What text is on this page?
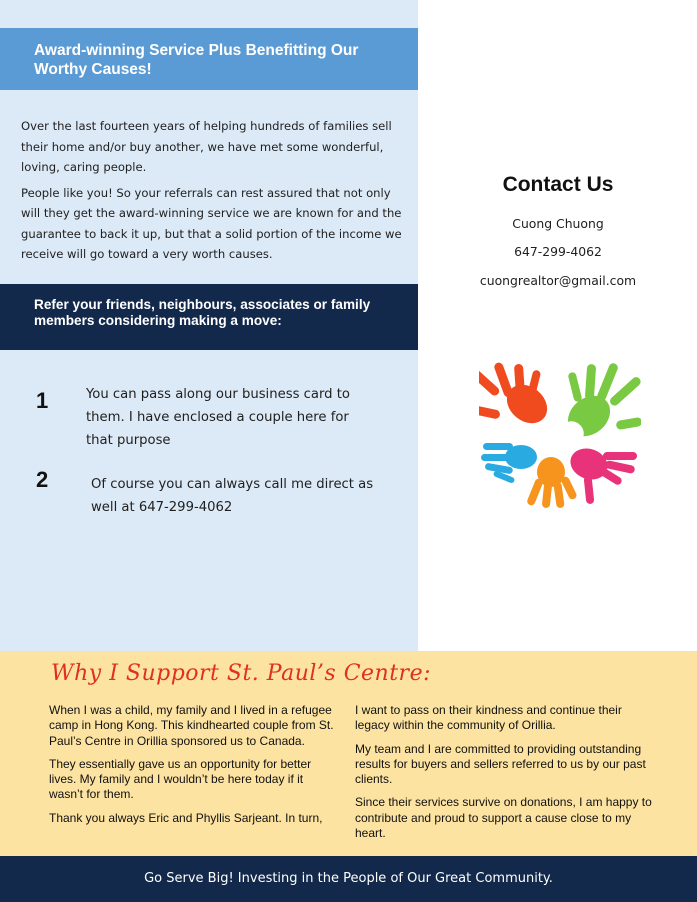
Award-winning Service Plus Benefitting Our Worthy Causes!

Over the last fourteen years of helping hundreds of families sell their home and/or buy another, we have met some wonderful, loving, caring people.

People like you! So your referrals can rest assured that not only will they get the award-winning service we are known for and the guarantee to back it up, but that a solid portion of the income we receive will go toward a very worth causes.

Refer your friends, neighbours, associates or family members considering making a move:
1	You can pass along our business card to them. I have enclosed a couple here for that purpose
2	Of course you can always call me direct as well at 647-299-4062
Contact Us
Cuong Chuong
647-299-4062
cuongrealtor@gmail.com
Why I Support St. Paul’s Centre:

When I was a child, my family and I lived in a refugee camp in Hong Kong. This kindhearted couple from St. Paul’s Centre in Orillia sponsored us to Canada.

They essentially gave us an opportunity for better lives. My family and I wouldn’t be here today if it wasn’t for them.

Thank you always Eric and Phyllis Sarjeant. In turn,

I want to pass on their kindness and continue their legacy within the community of Orillia.

My team and I are committed to providing outstanding results for buyers and sellers referred to us by our past clients.

Since their services survive on donations, I am happy to contribute and proud to support a cause close to my heart.

Go Serve Big! Investing in the People of Our Great Community.
